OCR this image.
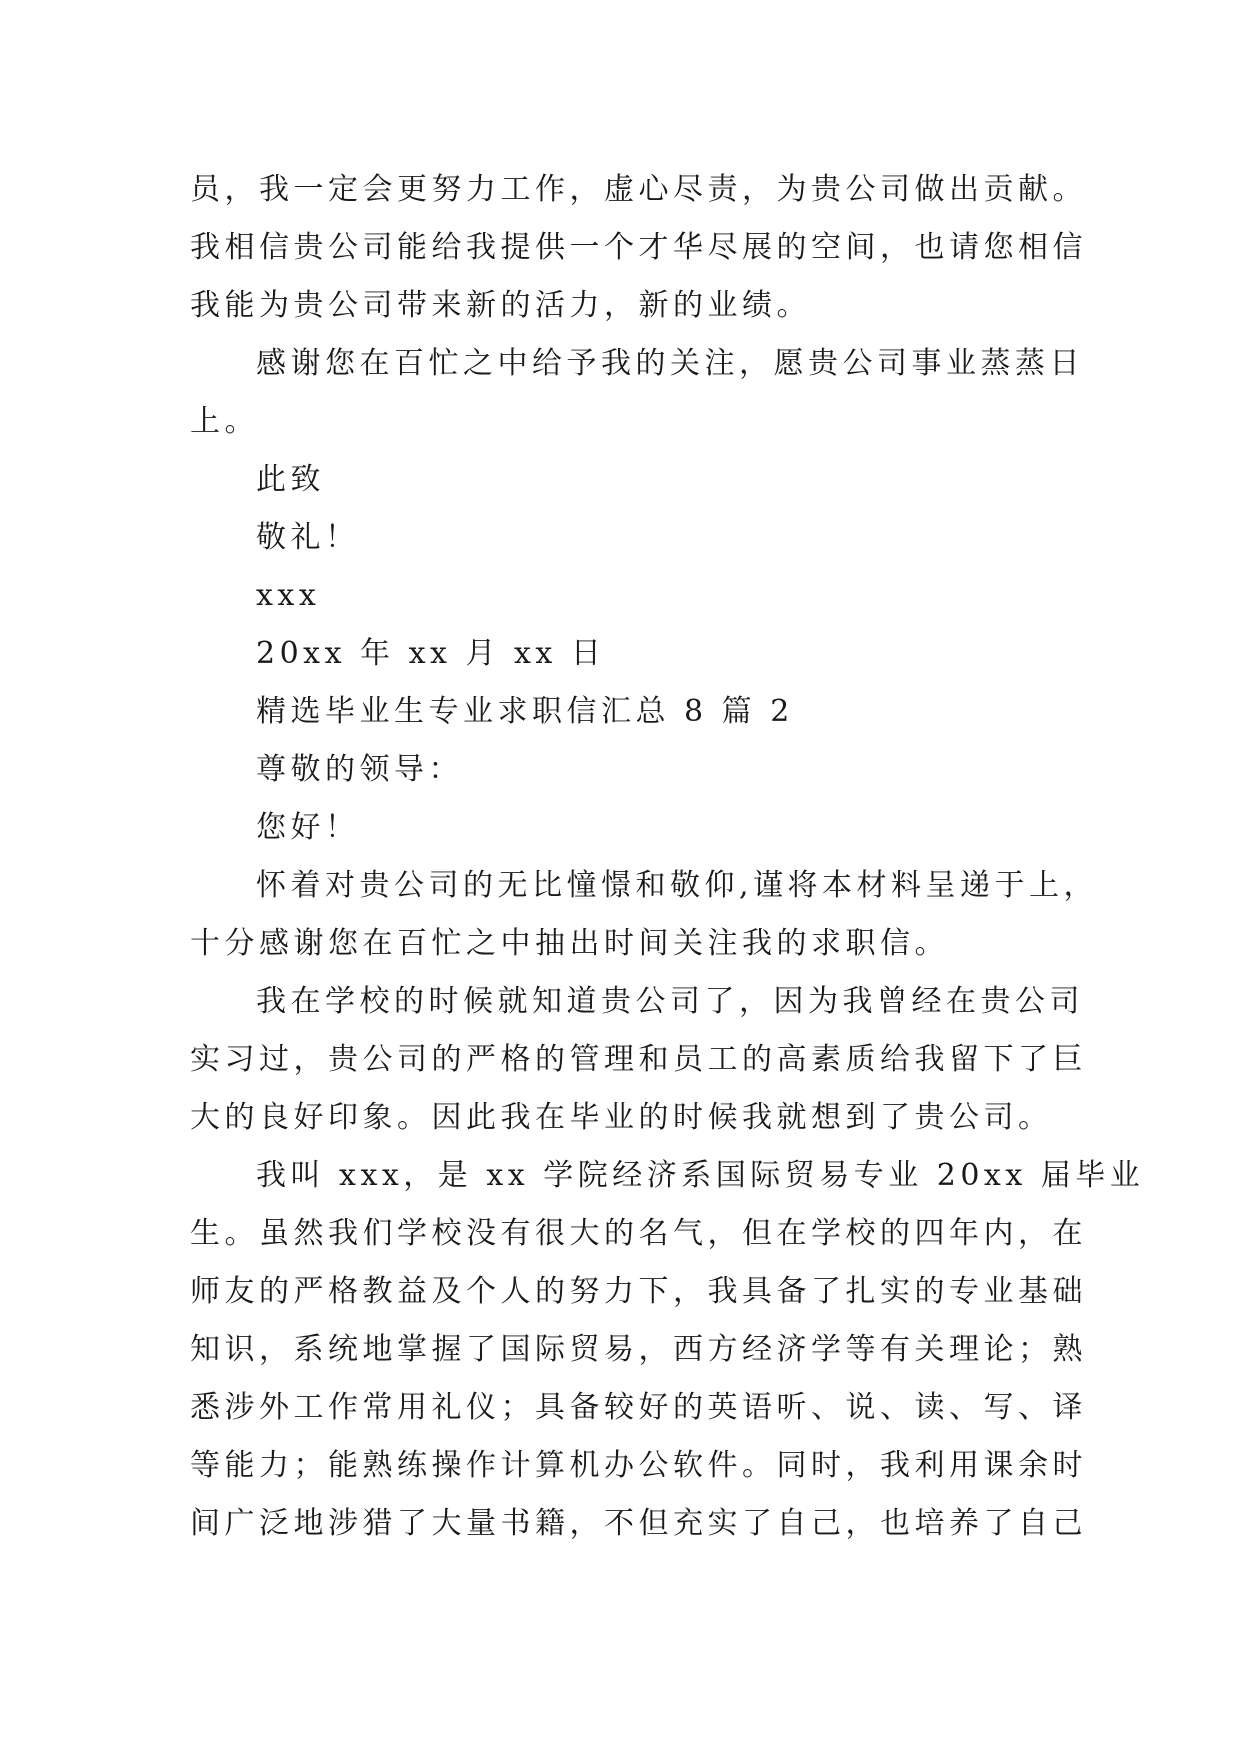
员，我一定会更努力工作，虚心尽责，为贵公司做出贡献。
我相信贵公司能给我提供一个才华尽展的空间，也请您相信
我能为贵公司带来新的活力，新的业绩。
感谢您在百忙之中给予我的关注，愿贵公司事业蒸蒸日
上。
此致
敬礼！
xxx
20xx 年 xx 月 xx 日
精选毕业生专业求职信汇总 8 篇 2
尊敬的领导：
您好！
怀着对贵公司的无比憧憬和敬仰,谨将本材料呈递于上，
十分感谢您在百忙之中抽出时间关注我的求职信。
我在学校的时候就知道贵公司了，因为我曾经在贵公司
实习过，贵公司的严格的管理和员工的高素质给我留下了巨
大的良好印象。因此我在毕业的时候我就想到了贵公司。
我叫 xxx，是 xx 学院经济系国际贸易专业 20xx 届毕业
生。虽然我们学校没有很大的名气，但在学校的四年内，在
师友的严格教益及个人的努力下，我具备了扎实的专业基础
知识，系统地掌握了国际贸易，西方经济学等有关理论；熟
悉涉外工作常用礼仪；具备较好的英语听、说、读、写、译
等能力；能熟练操作计算机办公软件。同时，我利用课余时
间广泛地涉猎了大量书籍，不但充实了自己，也培养了自己
